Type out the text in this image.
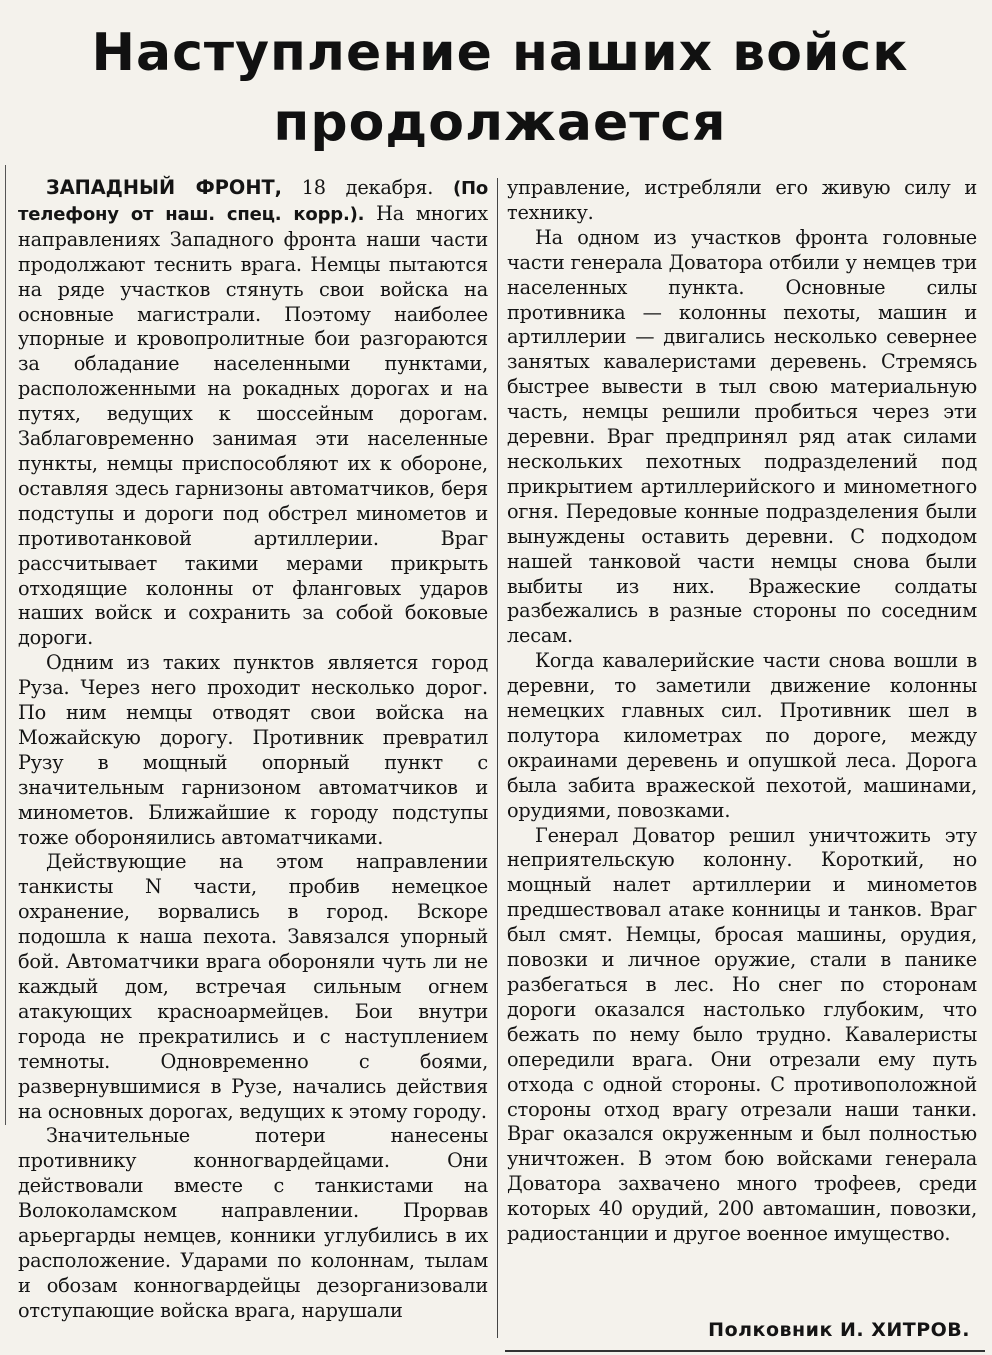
Наступление наших войск
продолжается

ЗАПАДНЫЙ ФРОНТ, 18 декабря. (По телефону от наш. спец. корр.). На многих направлениях Западного фронта наши части продолжают теснить врага. Немцы пытаются на ряде участков стянуть свои войска на основные магистрали. Поэтому наиболее упорные и кровопролитные бои разгораются за обладание населенными пунктами, расположенными на рокадных дорогах и на путях, ведущих к шоссейным дорогам. Заблаговременно занимая эти населенные пункты, немцы приспособляют их к обороне, оставляя здесь гарнизоны автоматчиков, беря подступы и дороги под обстрел минометов и противотанковой артиллерии. Враг рассчитывает такими мерами прикрыть отходящие колонны от фланговых ударов наших войск и сохранить за собой боковые дороги.

Одним из таких пунктов является город Руза. Через него проходит несколько дорог. По ним немцы отводят свои войска на Можайскую дорогу. Противник превратил Рузу в мощный опорный пункт с значительным гарнизоном автоматчиков и минометов. Ближайшие к городу подступы тоже обороняились автоматчиками.

Действующие на этом направлении танкисты N части, пробив немецкое охранение, ворвались в город. Вскоре подошла к наша пехота. Завязался упорный бой. Автоматчики врага обороняли чуть ли не каждый дом, встречая сильным огнем атакующих красноармейцев. Бои внутри города не прекратились и с наступлением темноты. Одновременно с боями, развернувшимися в Рузе, начались действия на основных дорогах, ведущих к этому городу.

Значительные потери нанесены противнику конногвардейцами. Они действовали вместе с танкистами на Волоколамском направлении. Прорвав арьергарды немцев, конники углубились в их расположение. Ударами по колоннам, тылам и обозам конногвардейцы дезорганизовали отступающие войска врага, нарушали

управление, истребляли его живую силу и технику.

На одном из участков фронта головные части генерала Доватора отбили у немцев три населенных пункта. Основные силы противника — колонны пехоты, машин и артиллерии — двигались несколько севернее занятых кавалеристами деревень. Стремясь быстрее вывести в тыл свою материальную часть, немцы решили пробиться через эти деревни. Враг предпринял ряд атак силами нескольких пехотных подразделений под прикрытием артиллерийского и минометного огня. Передовые конные подразделения были вынуждены оставить деревни. С подходом нашей танковой части немцы снова были выбиты из них. Вражеские солдаты разбежались в разные стороны по соседним лесам.

Когда кавалерийские части снова вошли в деревни, то заметили движение колонны немецких главных сил. Противник шел в полутора километрах по дороге, между окраинами деревень и опушкой леса. Дорога была забита вражеской пехотой, машинами, орудиями, повозками.

Генерал Доватор решил уничтожить эту неприятельскую колонну. Короткий, но мощный налет артиллерии и минометов предшествовал атаке конницы и танков. Враг был смят. Немцы, бросая машины, орудия, повозки и личное оружие, стали в панике разбегаться в лес. Но снег по сторонам дороги оказался настолько глубоким, что бежать по нему было трудно. Кавалеристы опередили врага. Они отрезали ему путь отхода с одной стороны. С противоположной стороны отход врагу отрезали наши танки. Враг оказался окруженным и был полностью уничтожен. В этом бою войсками генерала Доватора захвачено много трофеев, среди которых 40 орудий, 200 автомашин, повозки, радиостанции и другое военное имущество.

Полковник И. ХИТРОВ.
